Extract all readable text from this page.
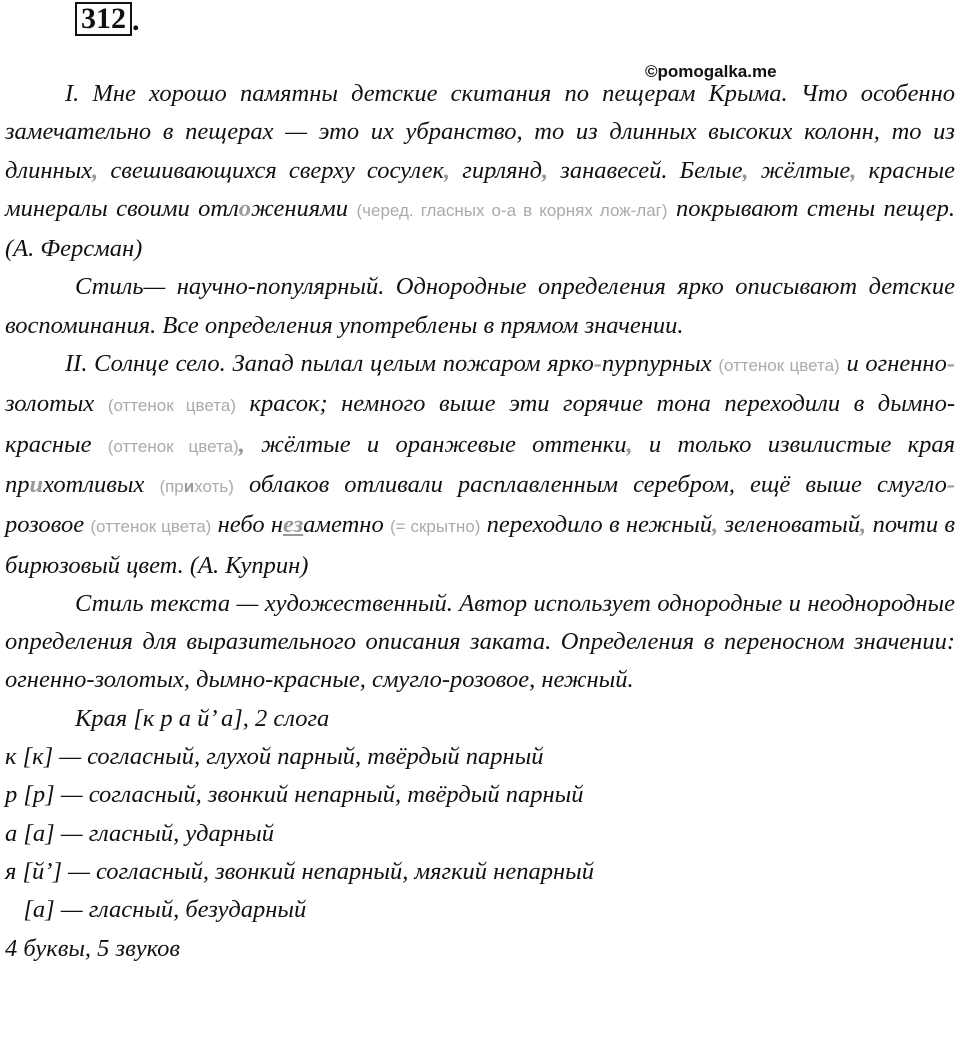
312 .
©pomogalka.me

I. Мне хорошо памятны детские скитания по пещерам Крыма. Что особенно замечательно в пещерах — это их убранство, то из длинных высоких колонн, то из длинных, свешивающихся сверху сосулек, гирлянд, занавесей. Белые, жёлтые, красные минералы своими отложениями (черед. гласных о-а в корнях лож-лаг) покрывают стены пещер. (А. Ферсман)

Стиль— научно-популярный. Однородные определения ярко описывают детские воспоминания. Все определения употреблены в прямом значении.

II. Солнце село. Запад пылал целым пожаром ярко-пурпурных (оттенок цвета) и огненно-золотых (оттенок цвета) красок; немного выше эти горячие тона переходили в дымно-красные (оттенок цвета), жёлтые и оранжевые оттенки, и только извилистые края прихотливых (прихоть) облаков отливали расплавленным серебром, ещё выше смугло-розовое (оттенок цвета) небо незаметно (= скрытно) переходило в нежный, зеленоватый, почти в бирюзовый цвет. (А. Куприн)

Стиль текста — художественный. Автор использует однородные и неоднородные определения для выразительного описания заката. Определения в переносном значении: огненно-золотых, дымно-красные, смугло-розовое, нежный.

Края [к р а й’ а], 2 слога

к [к] — согласный, глухой парный, твёрдый парный

р [р] — согласный, звонкий непарный, твёрдый парный

а [а] — гласный, ударный

я [й’] — согласный, звонкий непарный, мягкий непарный

[а] — гласный, безударный

4 буквы, 5 звуков
